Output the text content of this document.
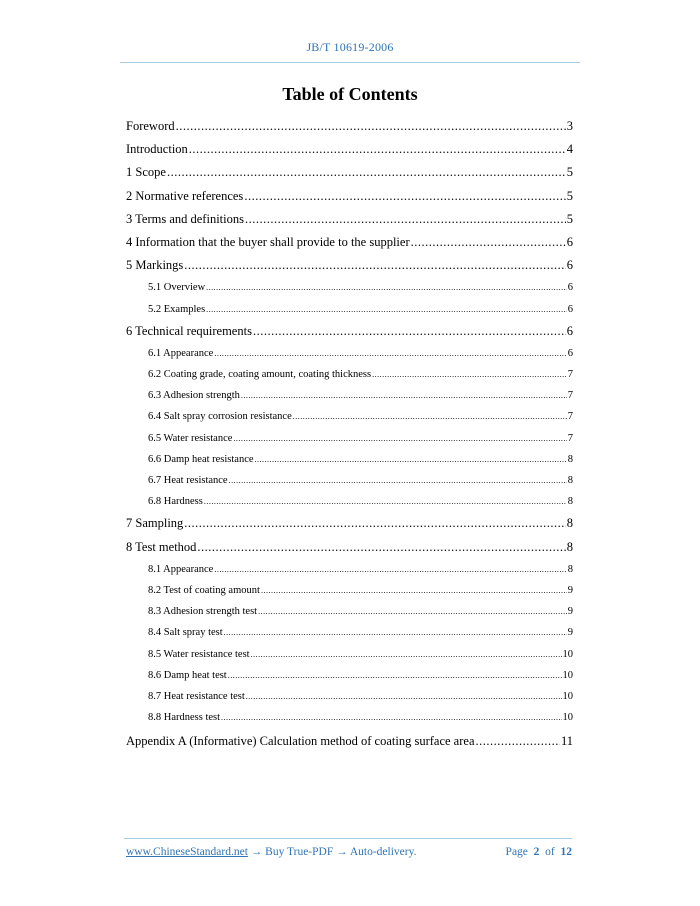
JB/T 10619-2006
Table of Contents
Foreword .....	3
Introduction .....	4
1 Scope .....	5
2 Normative references .....	5
3 Terms and definitions .....	5
4 Information that the buyer shall provide to the supplier .....	6
5 Markings .....	6
5.1 Overview .....	6
5.2 Examples .....	6
6 Technical requirements .....	6
6.1 Appearance .....	6
6.2 Coating grade, coating amount, coating thickness .....	7
6.3 Adhesion strength .....	7
6.4 Salt spray corrosion resistance .....	7
6.5 Water resistance .....	7
6.6 Damp heat resistance .....	8
6.7 Heat resistance .....	8
6.8 Hardness .....	8
7 Sampling .....	8
8 Test method .....	8
8.1 Appearance .....	8
8.2 Test of coating amount .....	9
8.3 Adhesion strength test .....	9
8.4 Salt spray test .....	9
8.5 Water resistance test .....	10
8.6 Damp heat test .....	10
8.7 Heat resistance test .....	10
8.8 Hardness test .....	10
Appendix A (Informative) Calculation method of coating surface area .....	11
www.ChineseStandard.net → Buy True-PDF → Auto-delivery.	Page 2 of 12
